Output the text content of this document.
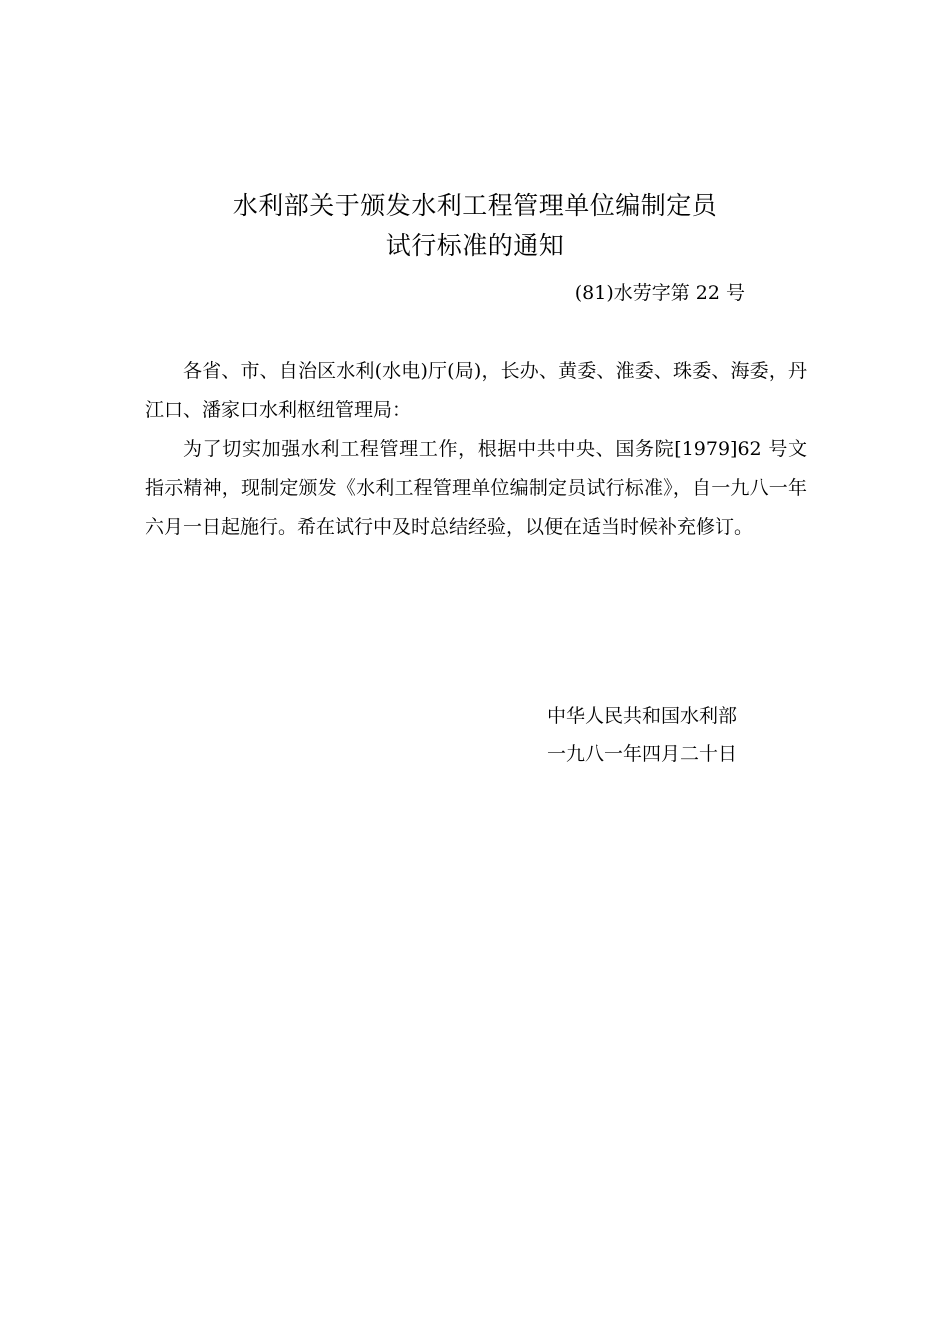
水利部关于颁发水利工程管理单位编制定员
试行标准的通知
(81)水劳字第 22 号

各省、市、自治区水利(水电)厅(局)，长办、黄委、淮委、珠委、海委，丹江口、潘家口水利枢纽管理局：

为了切实加强水利工程管理工作，根据中共中央、国务院[1979]62 号文指示精神，现制定颁发《水利工程管理单位编制定员试行标准》，自一九八一年六月一日起施行。希在试行中及时总结经验，以便在适当时候补充修订。

中华人民共和国水利部
一九八一年四月二十日
